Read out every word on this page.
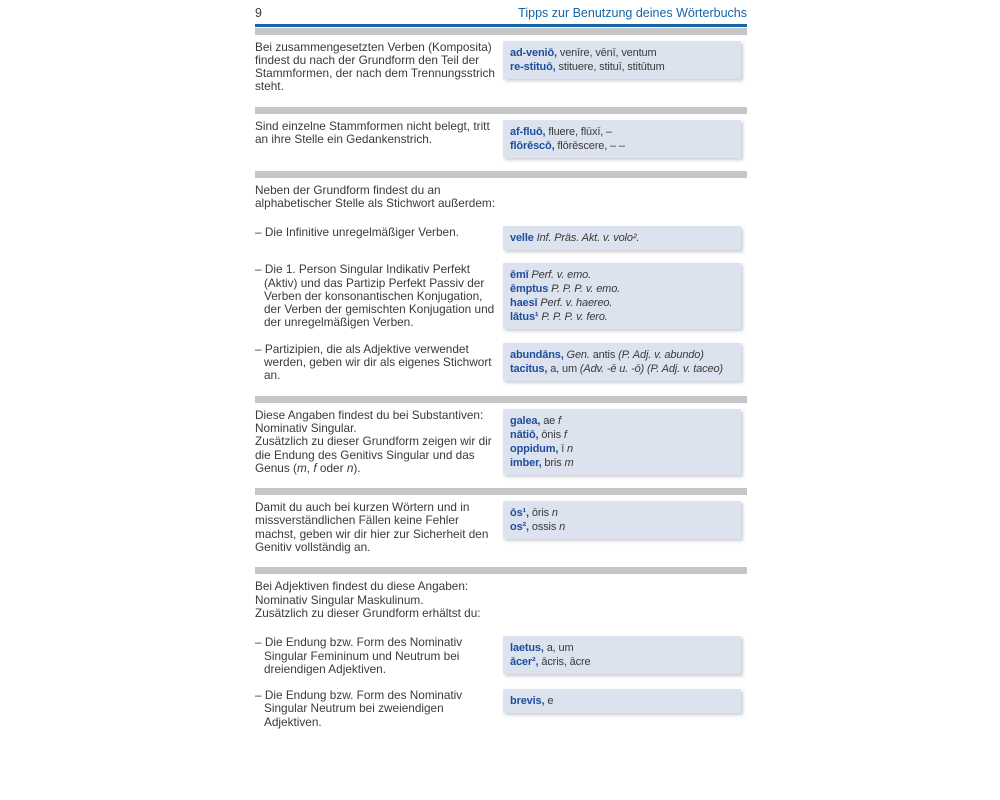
9	Tipps zur Benutzung deines Wörterbuchs

Bei zusammengesetzten Verben (Komposita) findest du nach der Grundform den Teil der Stammformen, der nach dem Trennungsstrich steht.

ad-veniō, venīre, vēnī, ventum
re-stituō, stituere, stituī, stitūtum

Sind einzelne Stammformen nicht belegt, tritt an ihre Stelle ein Gedankenstrich.

af-fluō, fluere, flūxī, –
flōrēscō, flōrēscere, – –

Neben der Grundform findest du an alphabetischer Stelle als Stichwort außerdem:

– Die Infinitive unregelmäßiger Verben.	velle Inf. Präs. Akt. v. volo².

– Die 1. Person Singular Indikativ Perfekt (Aktiv) und das Partizip Perfekt Passiv der Verben der konsonantischen Konjugation, der Verben der gemischten Konjugation und der unregelmäßigen Verben.

ēmī Perf. v. emo.
ēmptus P. P. P. v. emo.
haesī Perf. v. haereo.
lātus¹ P. P. P. v. fero.

– Partizipien, die als Adjektive verwendet werden, geben wir dir als eigenes Stichwort an.

abundāns, Gen. antis (P. Adj. v. abundo)
tacitus, a, um (Adv. -ē u. -ō) (P. Adj. v. taceo)

Diese Angaben findest du bei Substantiven: Nominativ Singular.

Zusätzlich zu dieser Grundform zeigen wir dir die Endung des Genitivs Singular und das Genus (m, f oder n).

galea, ae f
nātiō, ōnis f
oppidum, ī n
imber, bris m

Damit du auch bei kurzen Wörtern und in missverständlichen Fällen keine Fehler machst, geben wir dir hier zur Sicherheit den Genitiv vollständig an.

ōs¹, ōris n
os², ossis n

Bei Adjektiven findest du diese Angaben: Nominativ Singular Maskulinum.

Zusätzlich zu dieser Grundform erhältst du:

– Die Endung bzw. Form des Nominativ Singular Femininum und Neutrum bei dreiendigen Adjektiven.

laetus, a, um
ācer², ācris, ācre

– Die Endung bzw. Form des Nominativ Singular Neutrum bei zweiendigen Adjektiven.

brevis, e
